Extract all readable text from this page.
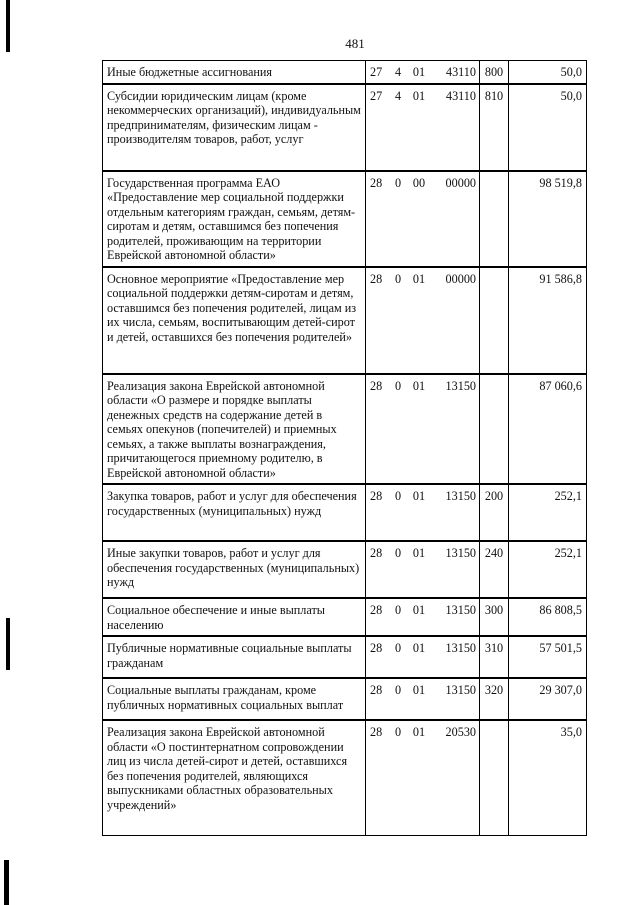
481
Иные бюджетные ассигнования	27 4 01 43110	800	50,0

Субсидии юридическим лицам (кроме некоммерческих организаций), индивидуальным предпринимателям, физическим лицам - производителям товаров, работ, услуг	27 4 01 43110	810	50,0

Государственная программа ЕАО «Предоставление мер социальной поддержки отдельным категориям граждан, семьям, детям-сиротам и детям, оставшимся без попечения родителей, проживающим на территории Еврейской автономной области»	28 0 00 00000		98 519,8

Основное мероприятие «Предоставление мер социальной поддержки детям-сиротам и детям, оставшимся без попечения родителей, лицам из их числа, семьям, воспитывающим детей-сирот и детей, оставшихся без попечения родителей»	28 0 01 00000		91 586,8

Реализация закона Еврейской автономной области «О размере и порядке выплаты денежных средств на содержание детей в семьях опекунов (попечителей) и приемных семьях, а также выплаты вознаграждения, причитающегося приемному родителю, в Еврейской автономной области»	28 0 01 13150		87 060,6

Закупка товаров, работ и услуг для обеспечения государственных (муниципальных) нужд	28 0 01 13150	200	252,1

Иные закупки товаров, работ и услуг для обеспечения государственных (муниципальных) нужд	28 0 01 13150	240	252,1

Социальное обеспечение и иные выплаты населению	28 0 01 13150	300	86 808,5

Публичные нормативные социальные выплаты гражданам	28 0 01 13150	310	57 501,5

Социальные выплаты гражданам, кроме публичных нормативных социальных выплат	28 0 01 13150	320	29 307,0

Реализация закона Еврейской автономной области «О постинтернатном сопровождении лиц из числа детей-сирот и детей, оставшихся без попечения родителей, являющихся выпускниками областных образовательных учреждений»	28 0 01 20530		35,0
